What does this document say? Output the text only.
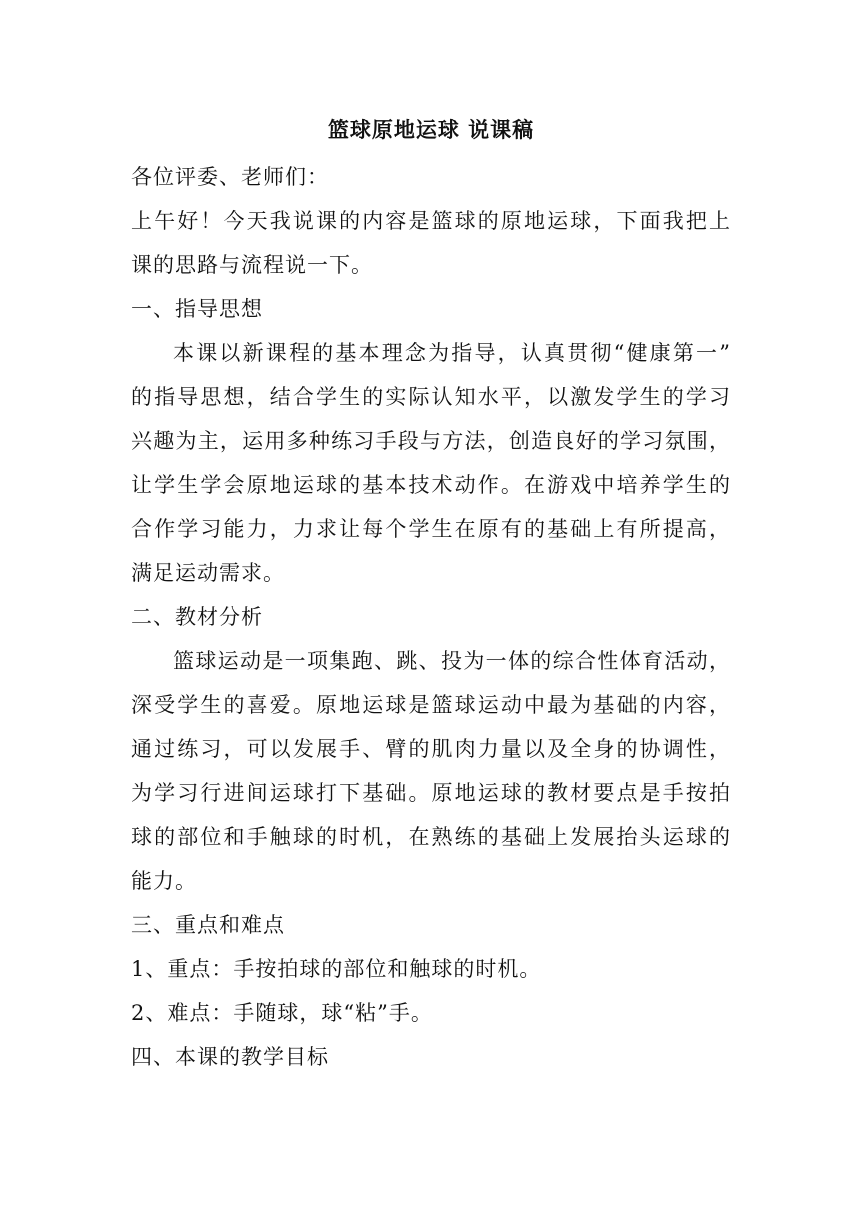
篮球原地运球 说课稿
各位评委、老师们：
上午好！今天我说课的内容是篮球的原地运球，下面我把上
课的思路与流程说一下。
一、指导思想
本课以新课程的基本理念为指导，认真贯彻“健康第一”
的指导思想，结合学生的实际认知水平，以激发学生的学习
兴趣为主，运用多种练习手段与方法，创造良好的学习氛围，
让学生学会原地运球的基本技术动作。在游戏中培养学生的
合作学习能力，力求让每个学生在原有的基础上有所提高，
满足运动需求。
二、教材分析
篮球运动是一项集跑、跳、投为一体的综合性体育活动，
深受学生的喜爱。原地运球是篮球运动中最为基础的内容，
通过练习，可以发展手、臂的肌肉力量以及全身的协调性，
为学习行进间运球打下基础。原地运球的教材要点是手按拍
球的部位和手触球的时机，在熟练的基础上发展抬头运球的
能力。
三、重点和难点
1、重点：手按拍球的部位和触球的时机。
2、难点：手随球，球“粘”手。
四、本课的教学目标
